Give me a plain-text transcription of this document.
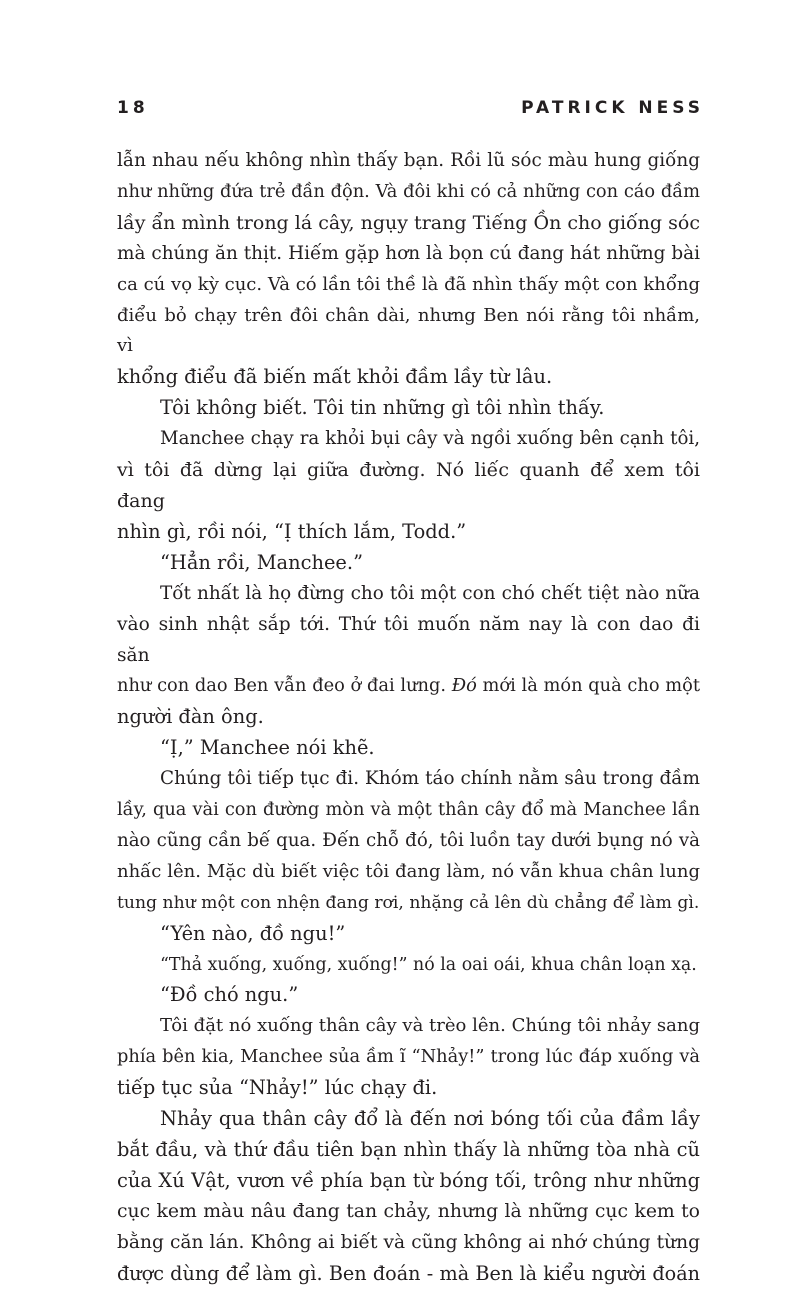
18	PATRICK NESS

lẫn nhau nếu không nhìn thấy bạn. Rồi lũ sóc màu hung giống

như những đứa trẻ đần độn. Và đôi khi có cả những con cáo đầm

lầy ẩn mình trong lá cây, ngụy trang Tiếng Ồn cho giống sóc

mà chúng ăn thịt. Hiếm gặp hơn là bọn cú đang hát những bài

ca cú vọ kỳ cục. Và có lần tôi thề là đã nhìn thấy một con khổng

điểu bỏ chạy trên đôi chân dài, nhưng Ben nói rằng tôi nhầm, vì

khổng điểu đã biến mất khỏi đầm lầy từ lâu.

Tôi không biết. Tôi tin những gì tôi nhìn thấy.

Manchee chạy ra khỏi bụi cây và ngồi xuống bên cạnh tôi,

vì tôi đã dừng lại giữa đường. Nó liếc quanh để xem tôi đang

nhìn gì, rồi nói, “Ị thích lắm, Todd.”

“Hẳn rồi, Manchee.”

Tốt nhất là họ đừng cho tôi một con chó chết tiệt nào nữa

vào sinh nhật sắp tới. Thứ tôi muốn năm nay là con dao đi săn

như con dao Ben vẫn đeo ở đai lưng. Đó mới là món quà cho một

người đàn ông.

“Ị,” Manchee nói khẽ.

Chúng tôi tiếp tục đi. Khóm táo chính nằm sâu trong đầm

lầy, qua vài con đường mòn và một thân cây đổ mà Manchee lần

nào cũng cần bế qua. Đến chỗ đó, tôi luồn tay dưới bụng nó và

nhấc lên. Mặc dù biết việc tôi đang làm, nó vẫn khua chân lung

tung như một con nhện đang rơi, nhặng cả lên dù chẳng để làm gì.

“Yên nào, đồ ngu!”

“Thả xuống, xuống, xuống!” nó la oai oái, khua chân loạn xạ.

“Đồ chó ngu.”

Tôi đặt nó xuống thân cây và trèo lên. Chúng tôi nhảy sang

phía bên kia, Manchee sủa ầm ĩ “Nhảy!” trong lúc đáp xuống và

tiếp tục sủa “Nhảy!” lúc chạy đi.

Nhảy qua thân cây đổ là đến nơi bóng tối của đầm lầy

bắt đầu, và thứ đầu tiên bạn nhìn thấy là những tòa nhà cũ

của Xú Vật, vươn về phía bạn từ bóng tối, trông như những

cục kem màu nâu đang tan chảy, nhưng là những cục kem to

bằng căn lán. Không ai biết và cũng không ai nhớ chúng từng

được dùng để làm gì. Ben đoán - mà Ben là kiểu người đoán
